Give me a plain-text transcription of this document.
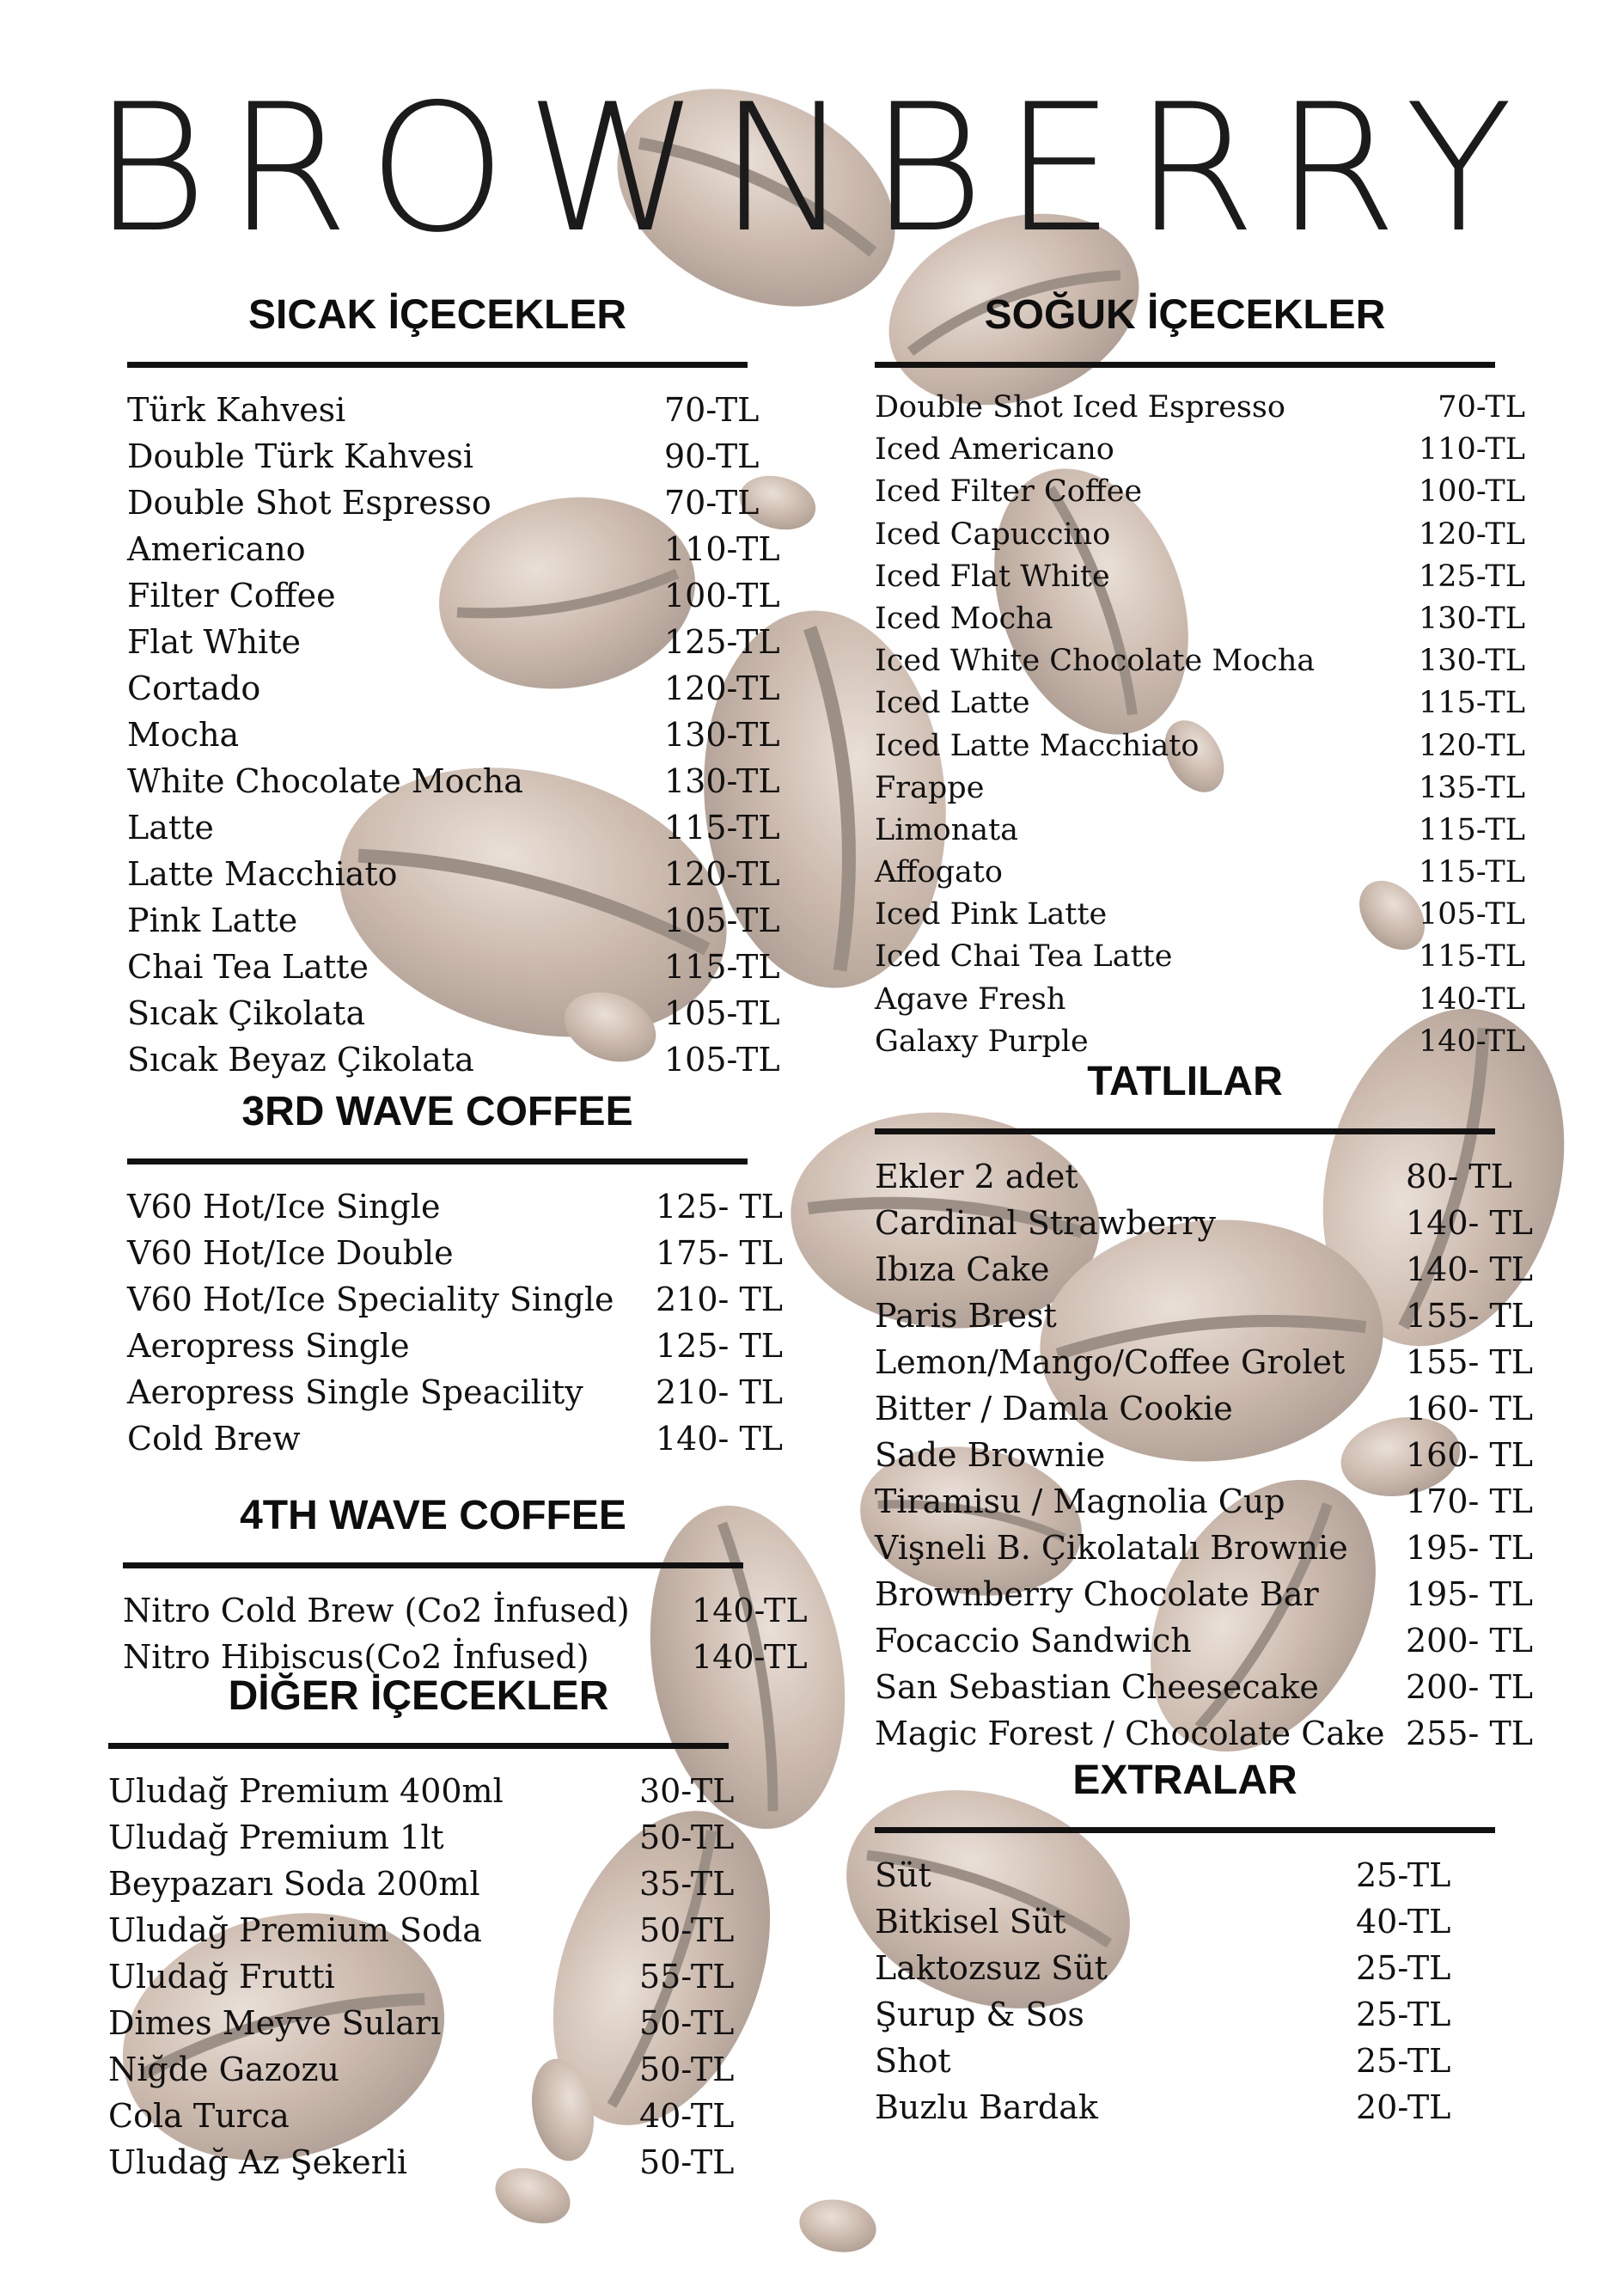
BROWNBERRY
SICAK İÇECEKLER
Türk Kahvesi	70-TL
Double Türk Kahvesi	90-TL
Double Shot Espresso	70-TL
Americano	110-TL
Filter Coffee	100-TL
Flat White	125-TL
Cortado	120-TL
Mocha	130-TL
White Chocolate Mocha	130-TL
Latte	115-TL
Latte Macchiato	120-TL
Pink Latte	105-TL
Chai Tea Latte	115-TL
Sıcak Çikolata	105-TL
Sıcak Beyaz Çikolata	105-TL
3RD WAVE COFFEE
V60 Hot/Ice Single	125- TL
V60 Hot/Ice Double	175- TL
V60 Hot/Ice Speciality Single 210- TL
Aeropress Single	125- TL
Aeropress Single Speacility 210- TL
Cold Brew	140- TL
4TH WAVE COFFEE
Nitro Cold Brew (Co2 İnfused) 140-TL
Nitro Hibiscus(Co2 İnfused)	140-TL
DİĞER İÇECEKLER
Uludağ Premium 400ml	30-TL
Uludağ Premium 1lt	50-TL
Beypazarı Soda 200ml	35-TL
Uludağ Premium Soda	50-TL
Uludağ Frutti	55-TL
Dimes Meyve Suları	50-TL
Niğde Gazozu	50-TL
Cola Turca	40-TL
Uludağ Az Şekerli	50-TL
SOĞUK İÇECEKLER
Double Shot Iced Espresso	70-TL
Iced Americano	110-TL
Iced Filter Coffee	100-TL
Iced Capuccino	120-TL
Iced Flat White	125-TL
Iced Mocha	130-TL
Iced White Chocolate Mocha	130-TL
Iced Latte	115-TL
Iced Latte Macchiato	120-TL
Frappe	135-TL
Limonata	115-TL
Affogato	115-TL
Iced Pink Latte	105-TL
Iced Chai Tea Latte	115-TL
Agave Fresh	140-TL
Galaxy Purple	140-TL
TATLILAR
Ekler 2 adet	80- TL
Cardinal Strawberry	140- TL
Ibıza Cake	140- TL
Paris Brest	155- TL
Lemon/Mango/Coffee Grolet 155- TL
Bitter / Damla Cookie	160- TL
Sade Brownie	160- TL
Tiramisu / Magnolia Cup	170- TL
Vişneli B. Çikolatalı Brownie 195- TL
Brownberry Chocolate Bar	195- TL
Focaccio Sandwich	200- TL
San Sebastian Cheesecake	200- TL
Magic Forest / Chocolate Cake 255- TL
EXTRALAR
Süt	25-TL
Bitkisel Süt	40-TL
Laktozsuz Süt	25-TL
Şurup & Sos	25-TL
Shot	25-TL
Buzlu Bardak	20-TL
